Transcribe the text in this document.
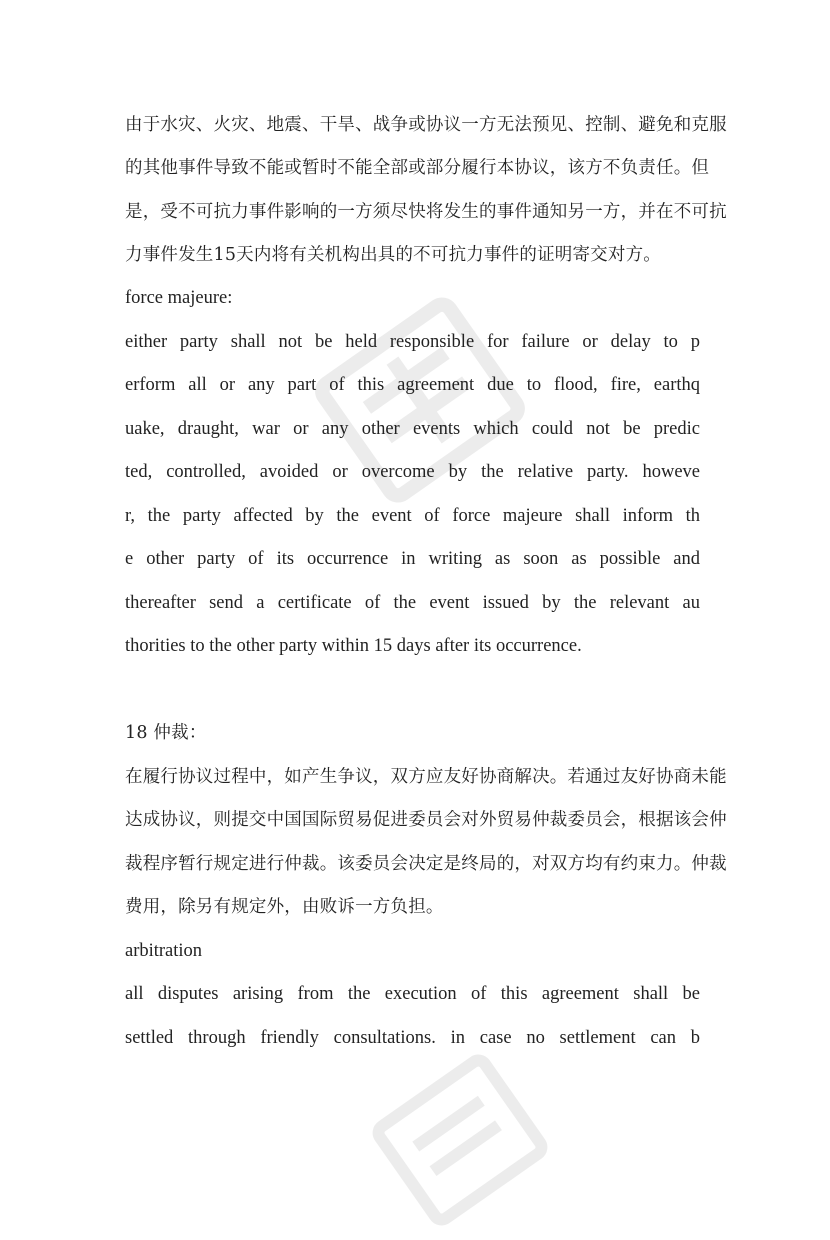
由于水灾、火灾、地震、干旱、战争或协议一方无法预见、控制、避免和克服
的其他事件导致不能或暂时不能全部或部分履行本协议，该方不负责任。但
是，受不可抗力事件影响的一方须尽快将发生的事件通知另一方，并在不可抗
力事件发生15天内将有关机构出具的不可抗力事件的证明寄交对方。
force majeure:
either party shall not be held responsible for failure or delay to p
erform all or any part of this agreement due to flood, fire, earthq
uake, draught, war or any other events which could not be predic
ted, controlled, avoided or overcome by the relative party. howeve
r, the party affected by the event of force majeure shall inform th
e other party of its occurrence in writing as soon as possible and
thereafter send a certificate of the event issued by the relevant au
thorities to the other party within 15 days after its occurrence.
18 仲裁：
在履行协议过程中，如产生争议，双方应友好协商解决。若通过友好协商未能
达成协议，则提交中国国际贸易促进委员会对外贸易仲裁委员会，根据该会仲
裁程序暂行规定进行仲裁。该委员会决定是终局的，对双方均有约束力。仲裁
费用，除另有规定外，由败诉一方负担。
arbitration
all disputes arising from the execution of this agreement shall be
settled through friendly consultations. in case no settlement can b
